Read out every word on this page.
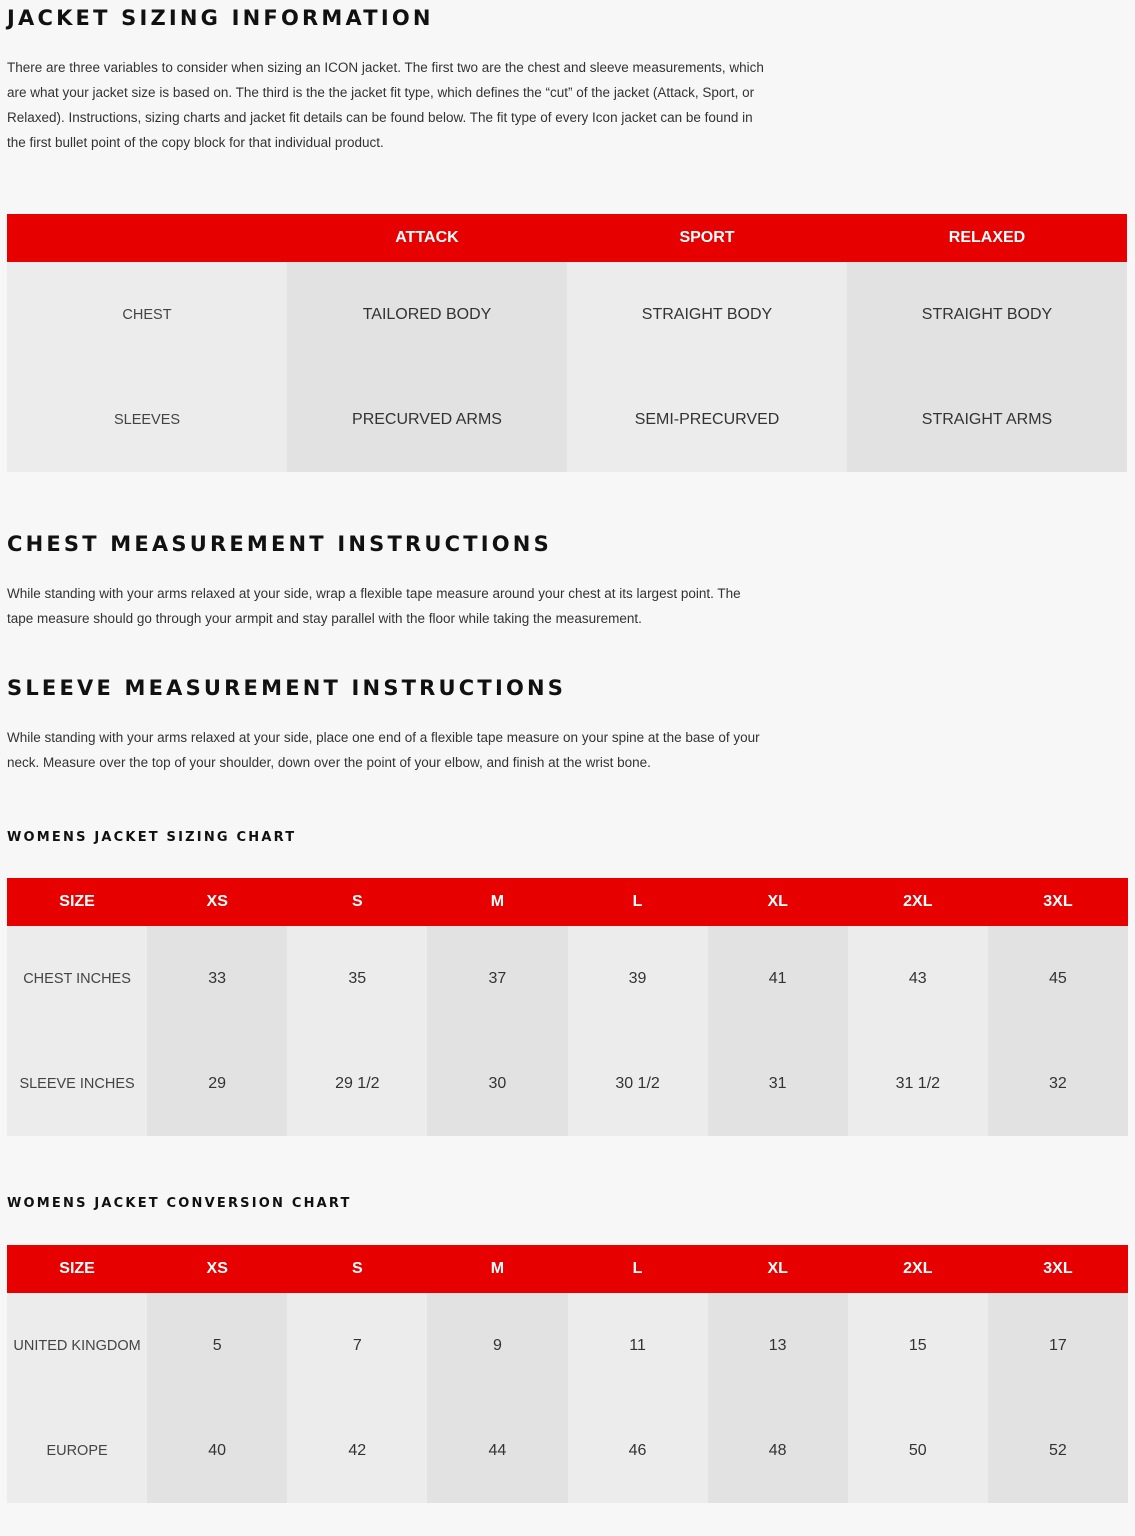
JACKET SIZING INFORMATION
There are three variables to consider when sizing an ICON jacket. The first two are the chest and sleeve measurements, which
are what your jacket size is based on. The third is the the jacket fit type, which defines the “cut” of the jacket (Attack, Sport, or
Relaxed). Instructions, sizing charts and jacket fit details can be found below. The fit type of every Icon jacket can be found in
the first bullet point of the copy block for that individual product.
	ATTACK	SPORT	RELAXED
CHEST	TAILORED BODY	STRAIGHT BODY	STRAIGHT BODY
SLEEVES	PRECURVED ARMS	SEMI-PRECURVED	STRAIGHT ARMS
CHEST MEASUREMENT INSTRUCTIONS
While standing with your arms relaxed at your side, wrap a flexible tape measure around your chest at its largest point. The
tape measure should go through your armpit and stay parallel with the floor while taking the measurement.
SLEEVE MEASUREMENT INSTRUCTIONS
While standing with your arms relaxed at your side, place one end of a flexible tape measure on your spine at the base of your
neck. Measure over the top of your shoulder, down over the point of your elbow, and finish at the wrist bone.
WOMENS JACKET SIZING CHART
SIZE	XS	S	M	L	XL	2XL	3XL
CHEST INCHES	33	35	37	39	41	43	45
SLEEVE INCHES	29	29 1/2	30	30 1/2	31	31 1/2	32
WOMENS JACKET CONVERSION CHART
SIZE	XS	S	M	L	XL	2XL	3XL
UNITED KINGDOM	5	7	9	11	13	15	17
EUROPE	40	42	44	46	48	50	52
